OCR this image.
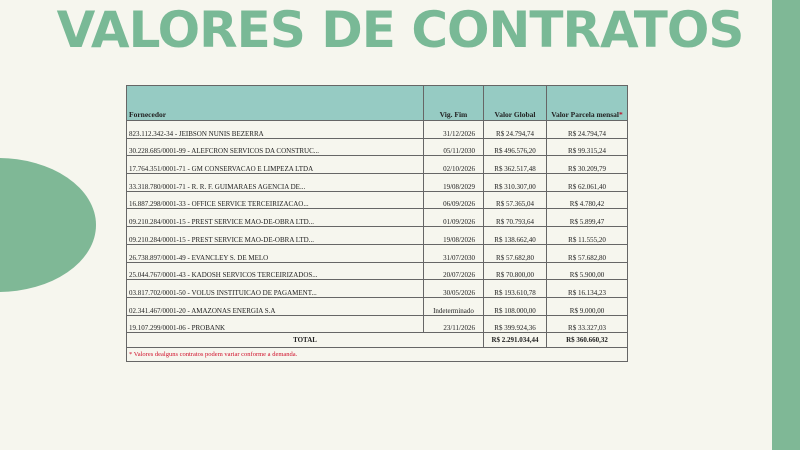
VALORES DE CONTRATOS
Fornecedor	Vig. Fim	Valor Global	Valor Parcela mensal*
823.112.342-34 - JEIBSON NUNIS BEZERRA	31/12/2026	R$ 24.794,74	R$ 24.794,74
30.228.685/0001-99 - ALEFCRON SERVICOS DA CONSTRUC...	05/11/2030	R$ 496.576,20	R$ 99.315,24
17.764.351/0001-71 - GM CONSERVACAO E LIMPEZA LTDA	02/10/2026	R$ 362.517,48	R$ 30.209,79
33.318.780/0001-71 - R. R. F. GUIMARAES AGENCIA DE...	19/08/2029	R$ 310.307,00	R$ 62.061,40
16.887.298/0001-33 - OFFICE SERVICE TERCEIRIZACAO...	06/09/2026	R$ 57.365,04	R$ 4.780,42
09.210.284/0001-15 - PREST SERVICE MAO-DE-OBRA LTD...	01/09/2026	R$ 70.793,64	R$ 5.899,47
09.210.284/0001-15 - PREST SERVICE MAO-DE-OBRA LTD...	19/08/2026	R$ 138.662,40	R$ 11.555,20
26.738.897/0001-49 - EVANCLEY S. DE MELO	31/07/2030	R$ 57.682,80	R$ 57.682,80
25.044.767/0001-43 - KADOSH SERVICOS TERCEIRIZADOS...	20/07/2026	R$ 70.800,00	R$ 5.900,00
03.817.702/0001-50 - VOLUS INSTITUICAO DE PAGAMENT...	30/05/2026	R$ 193.610,78	R$ 16.134,23
02.341.467/0001-20 - AMAZONAS ENERGIA S.A	Indeterminado	R$ 108.000,00	R$ 9.000,00
19.107.299/0001-06 - PROBANK	23/11/2026	R$ 399.924,36	R$ 33.327,03
TOTAL		R$ 2.291.034,44	R$ 360.660,32
* Valores dealguns contratos podem variar conforme a demanda.			
